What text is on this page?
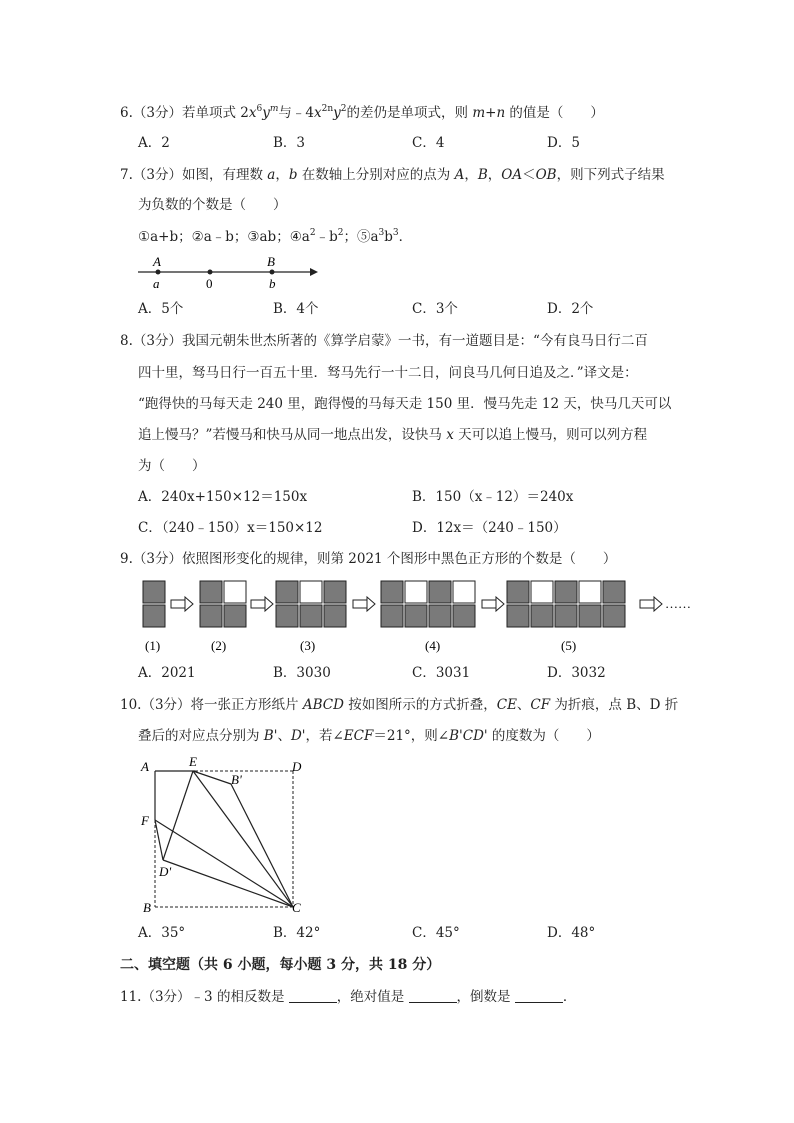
6.（3分）若单项式 $2x^6y^m$与$﹣4x^{2n}y^2$的差仍是单项式，则 m+n 的值是（　　）
A．2	B．3	C．4	D．5
7.（3分）如图，有理数 a，b 在数轴上分别对应的点为 A，B，OA＜OB，则下列式子结果
为负数的个数是（　　）
①a+b；②a﹣b；③ab；$④a^2﹣b^2$；$⑤a^3b^3$．
A
a	0
B
b
A．5个	B．4个	C．3个	D．2个
8.（3分）我国元朝朱世杰所著的《算学启蒙》一书，有一道题目是：“今有良马日行二百
四十里，驽马日行一百五十里．驽马先行一十二日，问良马几何日追及之．”译文是：
“跑得快的马每天走 240 里，跑得慢的马每天走 150 里．慢马先走 12 天，快马几天可以
追上慢马？”若慢马和快马从同一地点出发，设快马 x 天可以追上慢马，则可以列方程
为（　　）
A．240x+150×12＝150x	B．150（x﹣12）＝240x
C．（240﹣150）x＝150×12	D．12x＝（240﹣150）
9.（3分）依照图形变化的规律，则第 2021 个图形中黑色正方形的个数是（　　）
……
(1)	(2)	(3)	(4)	(5)
A．2021	B．3030	C．3031	D．3032
10.（3分）将一张正方形纸片 ABCD 按如图所示的方式折叠，CE、CF 为折痕，点 B、D 折
叠后的对应点分别为 B'、D'，若∠ECF＝21°，则∠B'CD' 的度数为（　　）
A	E
B'
D
F
D'
B	C
A．35°	B．42°	C．45°	D．48°
二、填空题（共 6 小题，每小题 3 分，共 18 分）
11.（3分）﹣3 的相反数是	，绝对值是	，倒数是	．
